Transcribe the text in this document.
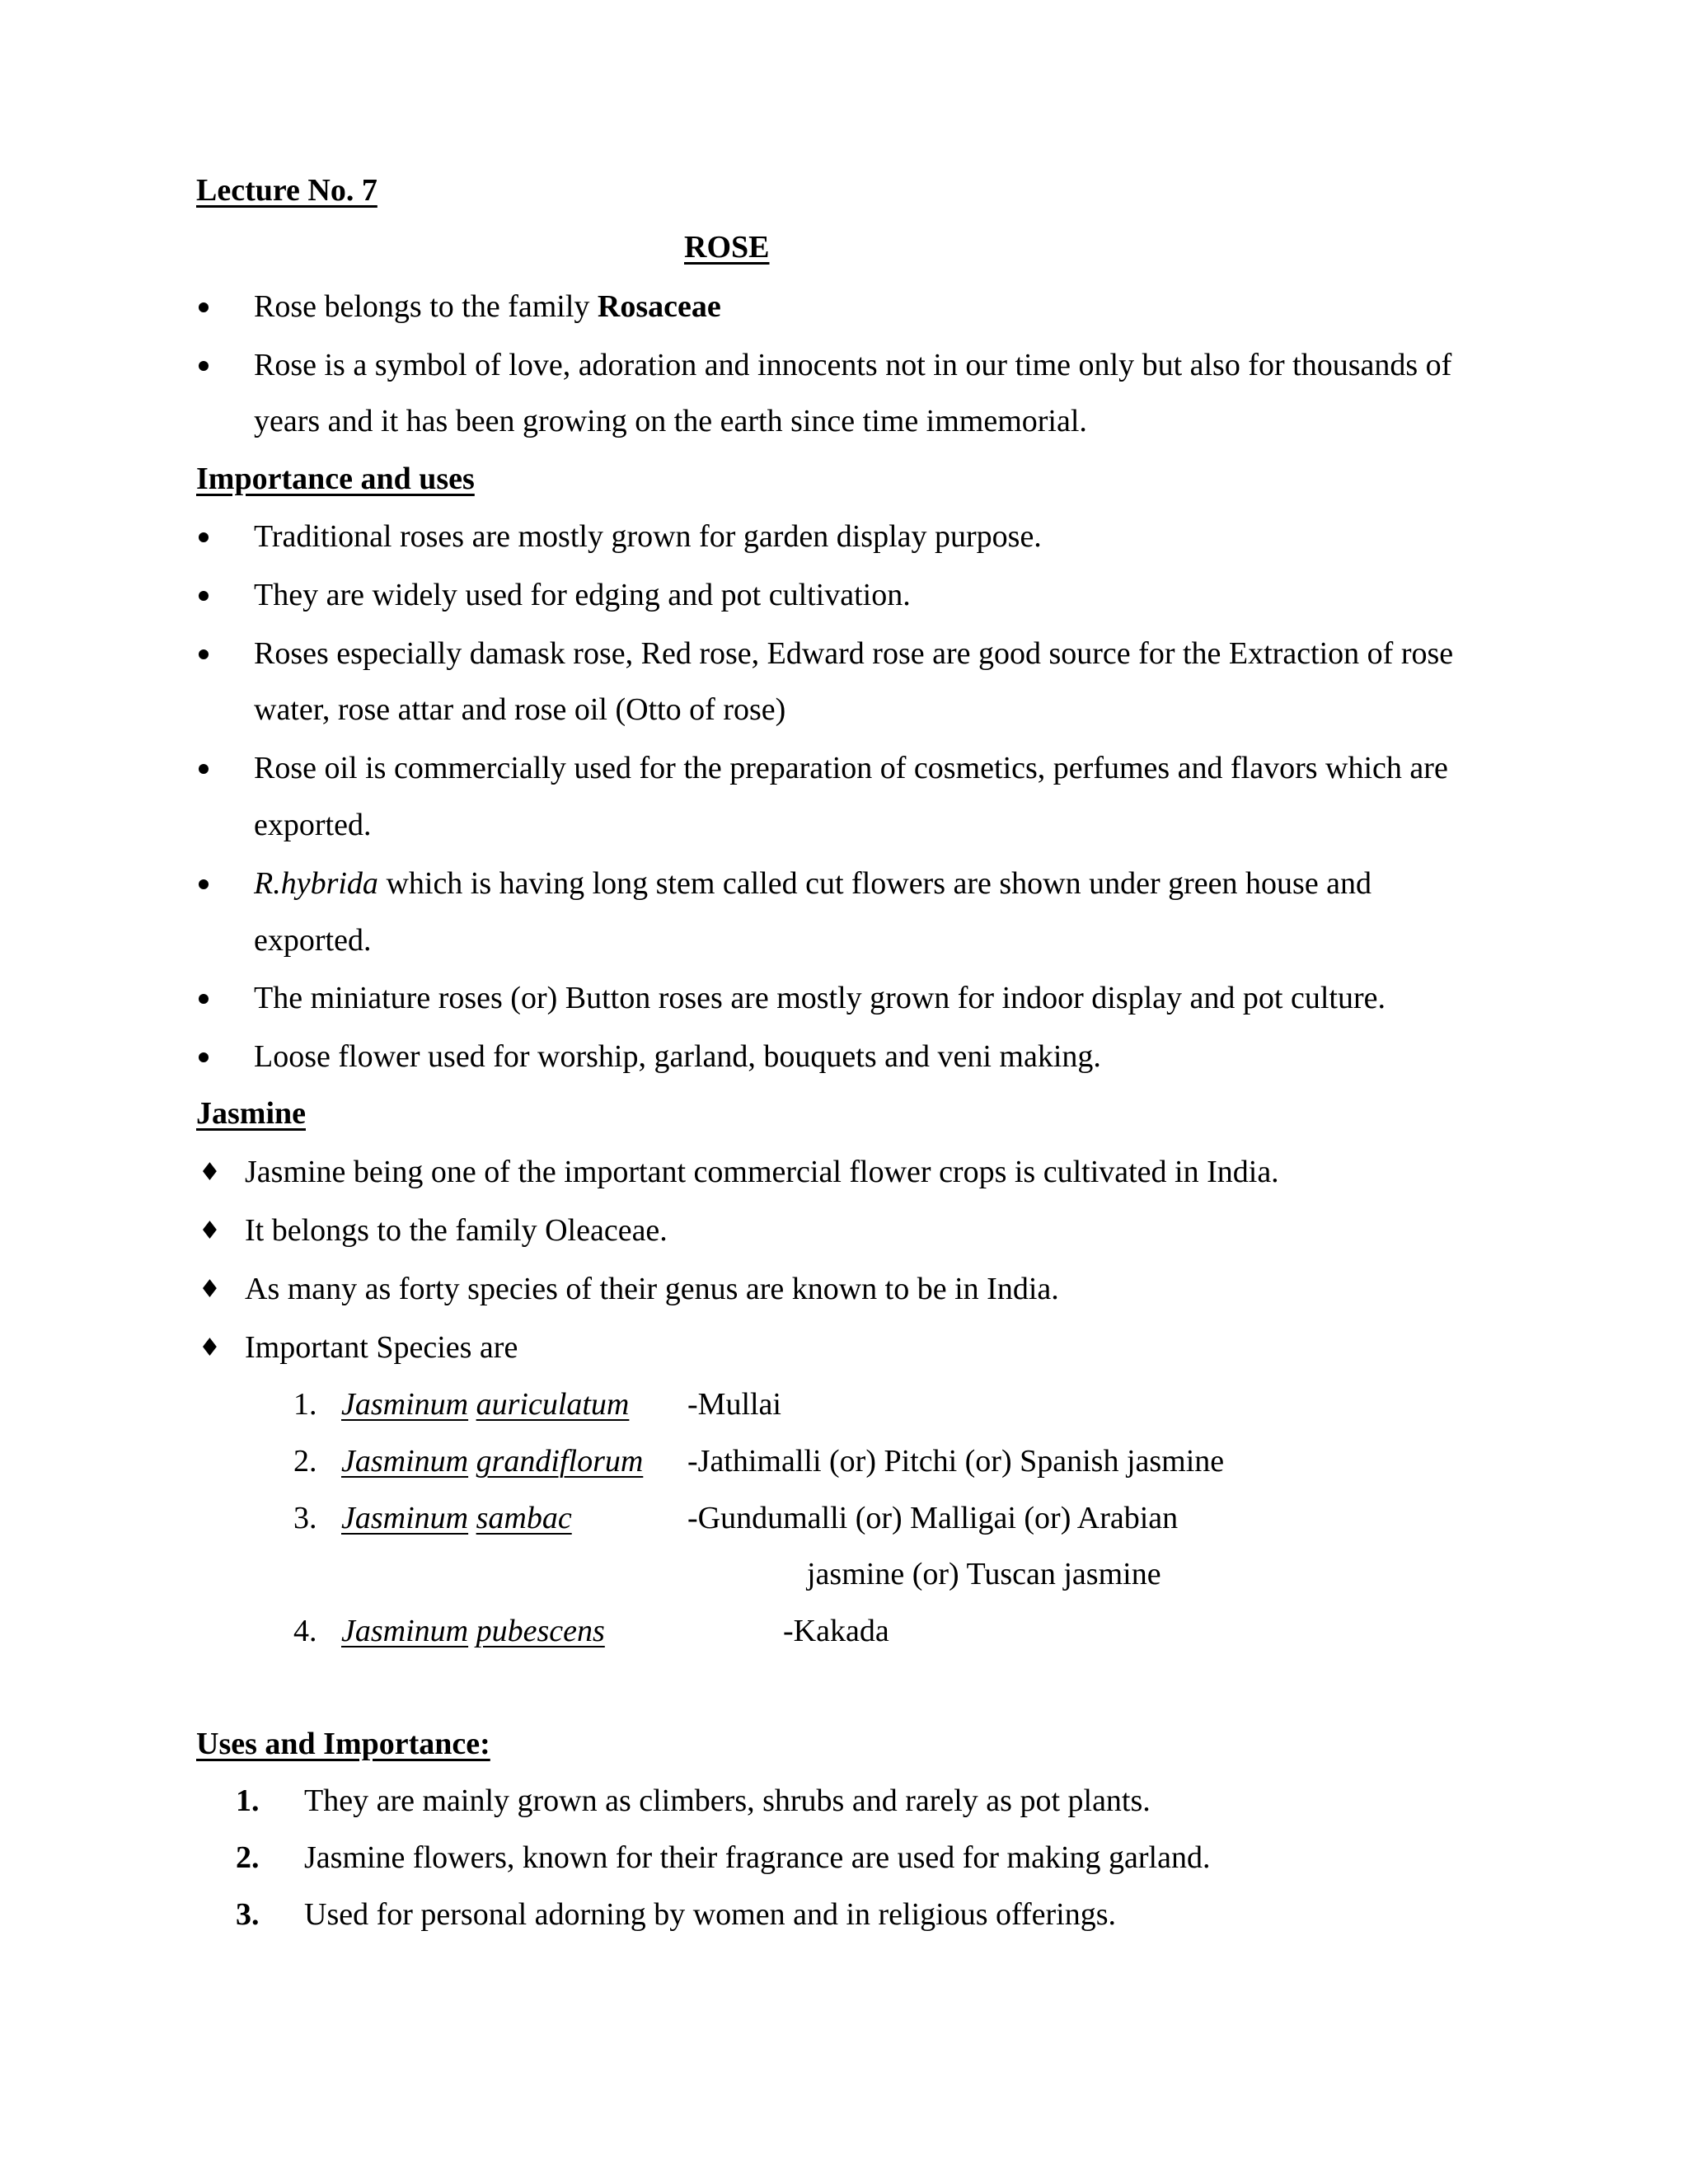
Lecture No. 7
ROSE
Rose belongs to the family Rosaceae
Rose is a symbol of love, adoration and innocents not in our time only but also for thousands of
years and it has been growing on the earth since time immemorial.
Importance and uses
Traditional roses are mostly grown for garden display purpose.
They are widely used for edging and pot cultivation.
Roses especially damask rose, Red rose, Edward rose are good source for the Extraction of rose
water, rose attar and rose oil (Otto of rose)
Rose oil is commercially used for the preparation of cosmetics, perfumes and flavors which are
exported.
R.hybrida which is having long stem called cut flowers are shown under green house and
exported.
The miniature roses (or) Button roses are mostly grown for indoor display and pot culture.
Loose flower used for worship, garland, bouquets and veni making.
Jasmine
♦ Jasmine being one of the important commercial flower crops is cultivated in India.
♦ It belongs to the family Oleaceae.
♦ As many as forty species of their genus are known to be in India.
♦ Important Species are
1. Jasminum auriculatum -Mullai
2. Jasminum grandiflorum -Jathimalli (or) Pitchi (or) Spanish jasmine
3. Jasminum sambac	-Gundumalli (or) Malligai (or) Arabian
jasmine (or) Tuscan jasmine
4. Jasminum pubescens	-Kakada
Uses and Importance:
1. They are mainly grown as climbers, shrubs and rarely as pot plants.
2. Jasmine flowers, known for their fragrance are used for making garland.
3. Used for personal adorning by women and in religious offerings.
